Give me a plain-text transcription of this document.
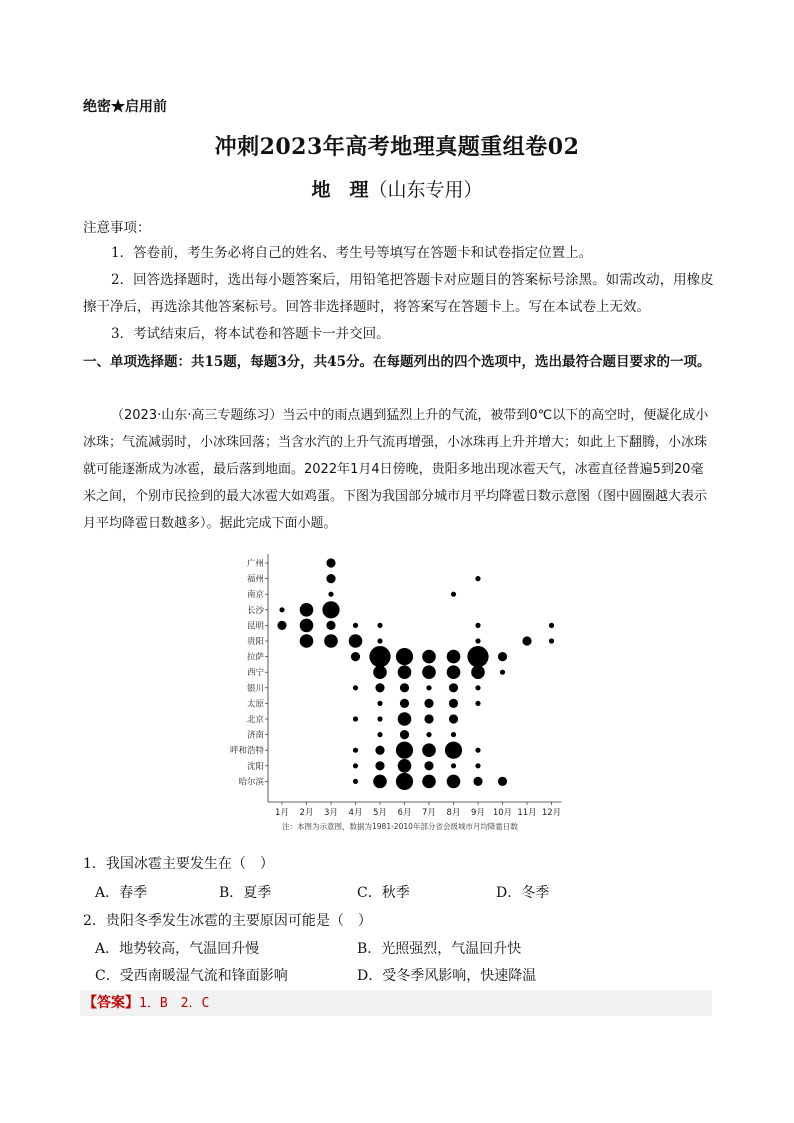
绝密★启用前
冲刺2023年高考地理真题重组卷02
地　理（山东专用）
注意事项：
1．答卷前，考生务必将自己的姓名、考生号等填写在答题卡和试卷指定位置上。
2．回答选择题时，选出每小题答案后，用铅笔把答题卡对应题目的答案标号涂黑。如需改动，用橡皮擦干净后，再选涂其他答案标号。回答非选择题时，将答案写在答题卡上。写在本试卷上无效。
3．考试结束后，将本试卷和答题卡一并交回。
一、单项选择题：共15题，每题3分，共45分。在每题列出的四个选项中，选出最符合题目要求的一项。
（2023·山东·高三专题练习）当云中的雨点遇到猛烈上升的气流，被带到0℃以下的高空时，便凝化成小冰珠；气流减弱时，小冰珠回落；当含水汽的上升气流再增强，小冰珠再上升并增大；如此上下翻腾，小冰珠就可能逐渐成为冰雹，最后落到地面。2022年1月4日傍晚，贵阳多地出现冰雹天气，冰雹直径普遍5到20毫米之间，个别市民捡到的最大冰雹大如鸡蛋。下图为我国部分城市月平均降雹日数示意图（图中圆圈越大表示月平均降雹日数越多）。据此完成下面小题。
广州
福州
南京
长沙
昆明
贵阳
拉萨
西宁
银川
太原
北京
济南
呼和浩特
沈阳
哈尔滨
1月 2月 3月 4月 5月 6月 7月 8月 9月 10月 11月 12月
注：本图为示意图，数据为1981-2010年部分省会级城市月均降雹日数
1．我国冰雹主要发生在（　）
A．春季	B．夏季	C．秋季	D．冬季
2．贵阳冬季发生冰雹的主要原因可能是（　）
A．地势较高，气温回升慢	B．光照强烈，气温回升快
C．受西南暖湿气流和锋面影响	D．受冬季风影响，快速降温
【答案】1．B　2．C
